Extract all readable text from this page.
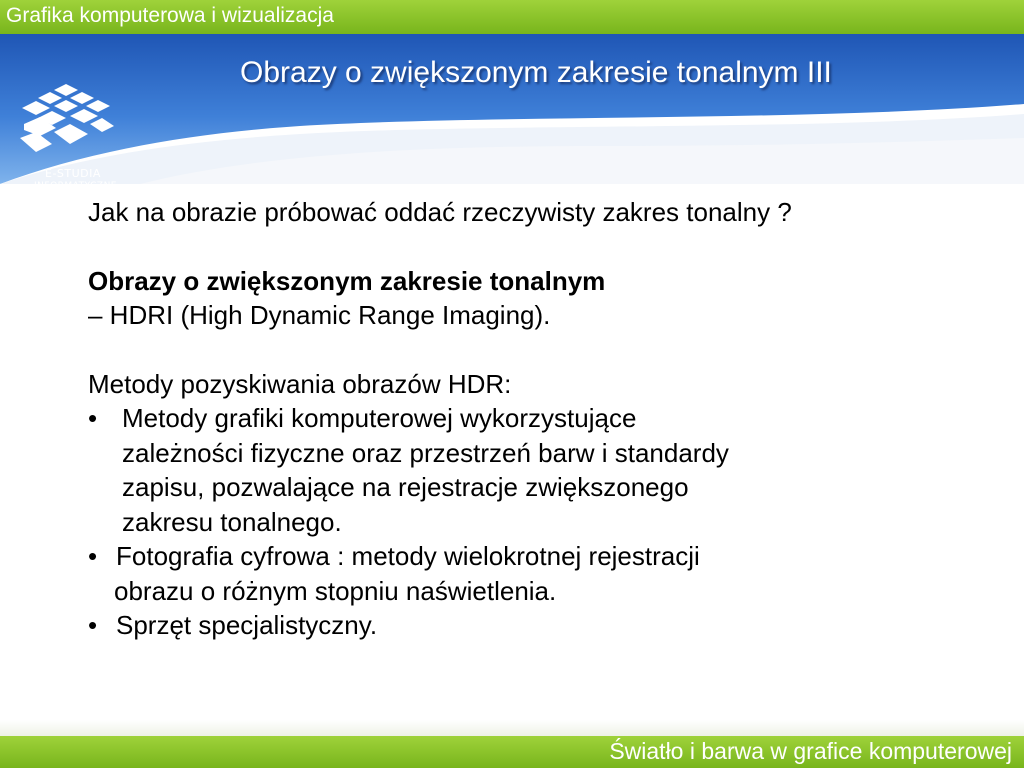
Grafika komputerowa i wizualizacja
E-STUDIA
INFORMATYCZNE
Obrazy o zwiększonym zakresie tonalnym III

Jak na obrazie próbować oddać rzeczywisty zakres tonalny ?

Obrazy o zwiększonym zakresie tonalnym

– HDRI (High Dynamic Range Imaging).

Metody pozyskiwania obrazów HDR:

• Metody grafiki komputerowej wykorzystujące

zależności fizyczne oraz przestrzeń barw i standardy

zapisu, pozwalające na rejestracje zwiększonego

zakresu tonalnego.

• Fotografia cyfrowa : metody wielokrotnej rejestracji

obrazu o różnym stopniu naświetlenia.

• Sprzęt specjalistyczny.
Światło i barwa w grafice komputerowej
